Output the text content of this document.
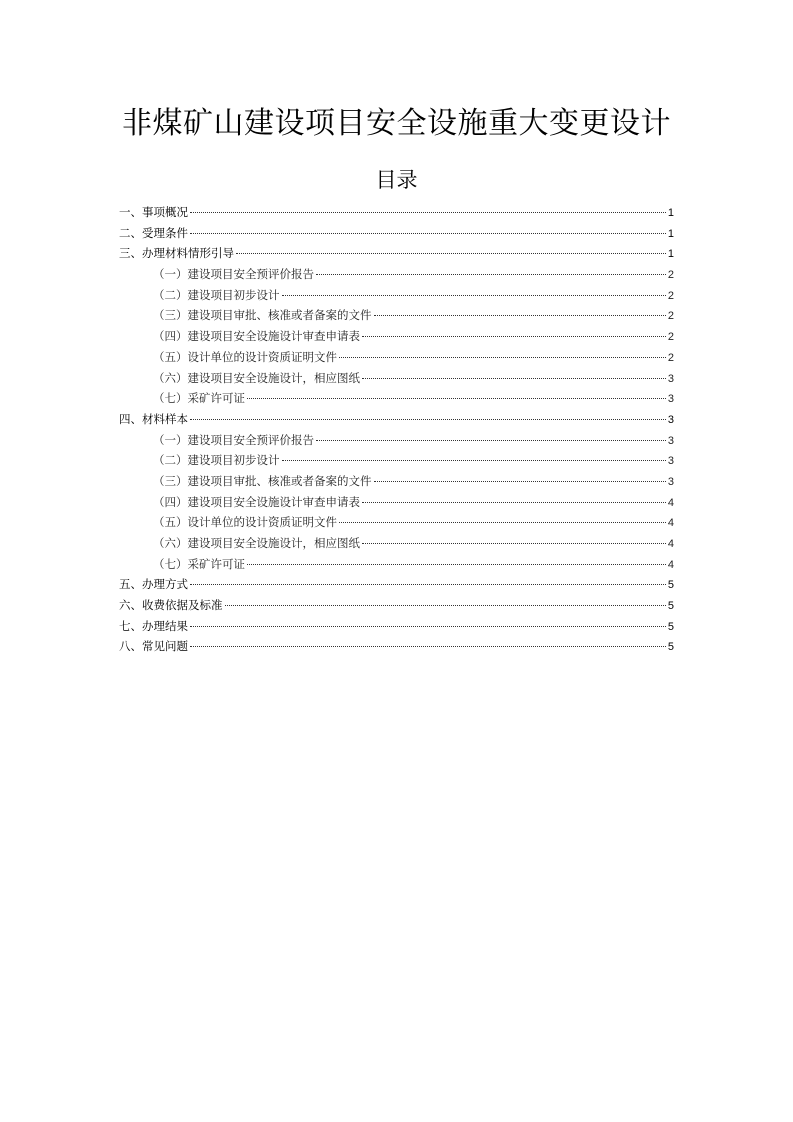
非煤矿山建设项目安全设施重大变更设计
目录
一、事项概况	1
二、受理条件	1
三、办理材料情形引导	1
（一）建设项目安全预评价报告	2
（二）建设项目初步设计	2
（三）建设项目审批、核准或者备案的文件	2
（四）建设项目安全设施设计审查申请表	2
（五）设计单位的设计资质证明文件	2
（六）建设项目安全设施设计，相应图纸	3
（七）采矿许可证	3
四、材料样本	3
（一）建设项目安全预评价报告	3
（二）建设项目初步设计	3
（三）建设项目审批、核准或者备案的文件	3
（四）建设项目安全设施设计审查申请表	4
（五）设计单位的设计资质证明文件	4
（六）建设项目安全设施设计，相应图纸	4
（七）采矿许可证	4
五、办理方式	5
六、收费依据及标准	5
七、办理结果	5
八、常见问题	5
